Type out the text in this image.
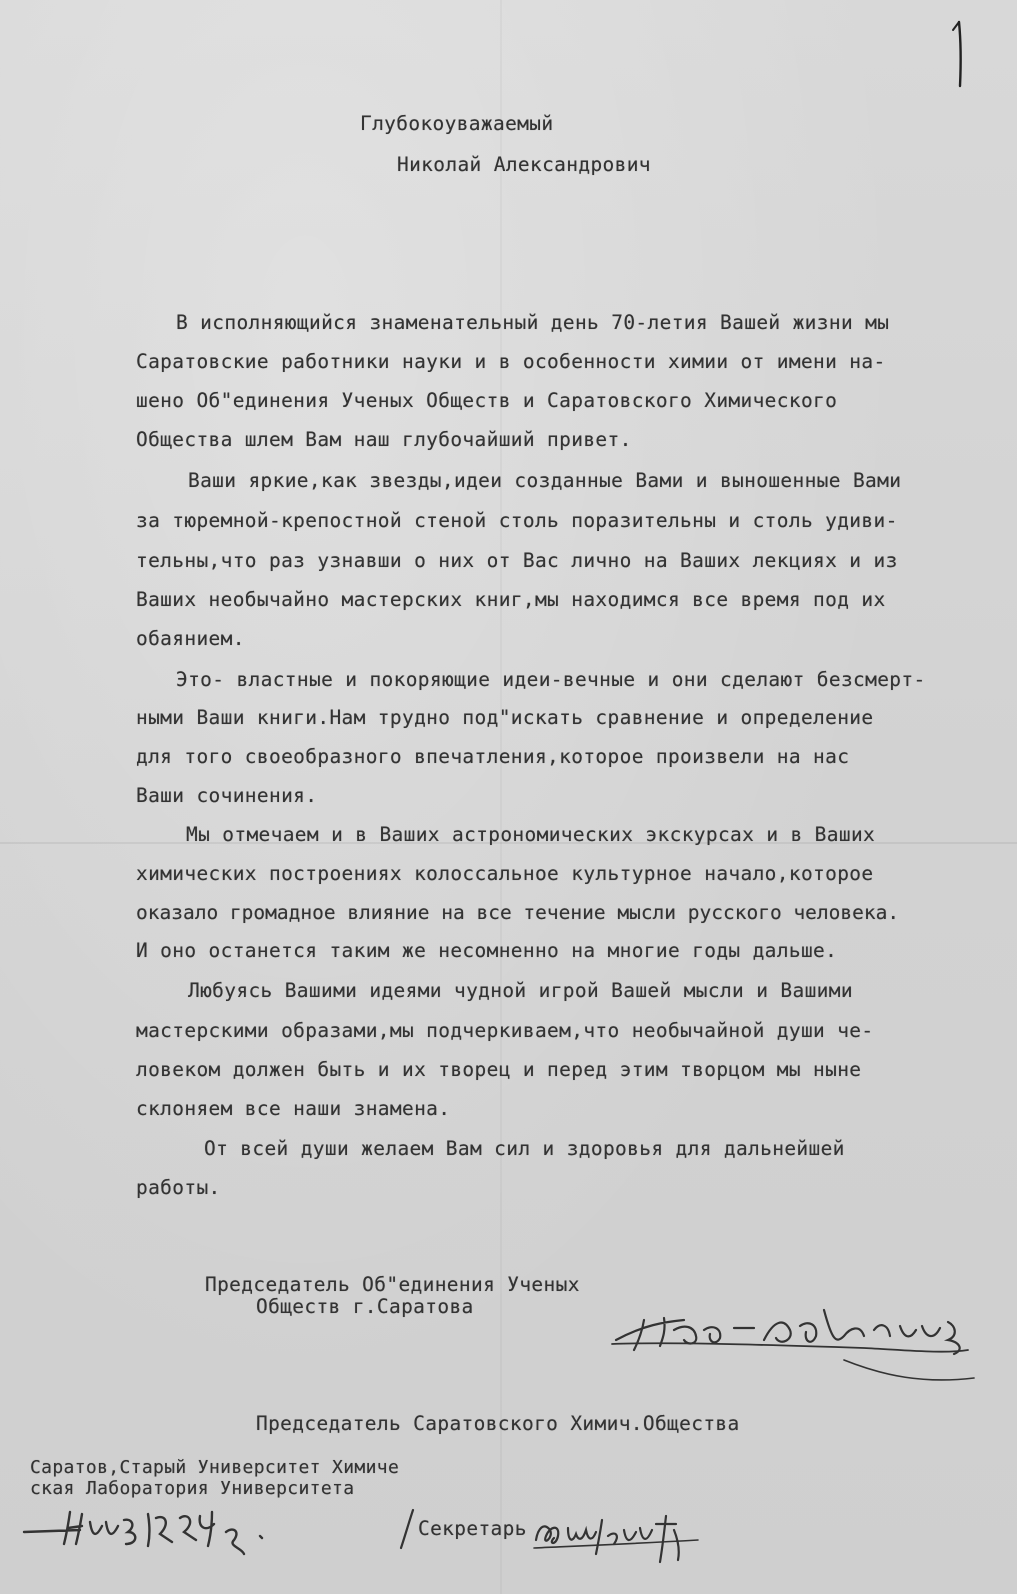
1
Глубокоуважаемый
Николай Александрович
В исполняющийся знаменательный день 70-летия Вашей жизни мы
Саратовские работники науки и в особенности химии от имени на-
шено Об"единения Ученых Обществ и Саратовского Химического
Общества шлем Вам наш глубочайший привет.
Ваши яркие,как звезды,идеи созданные Вами и выношенные Вами
за тюремной-крепостной стеной столь поразительны и столь удиви-
тельны,что раз узнавши о них от Вас лично на Ваших лекциях и из
Ваших необычайно мастерских книг,мы находимся все время под их
обаянием.
Это- властные и покоряющие идеи-вечные и они сделают безсмерт-
ными Ваши книги.Нам трудно под"искать сравнение и определение
для того своеобразного впечатления,которое произвели на нас
Ваши сочинения.
Мы отмечаем и в Ваших астрономических экскурсах и в Ваших
химических построениях колоссальное культурное начало,которое
оказало громадное влияние на все течение мысли русского человека.
И оно останется таким же несомненно на многие годы дальше.
Любуясь Вашими идеями чудной игрой Вашей мысли и Вашими
мастерскими образами,мы подчеркиваем,что необычайной души че-
ловеком должен быть и их творец и перед этим творцом мы ныне
склоняем все наши знамена.
От всей души желаем Вам сил и здоровья для дальнейшей
работы.
Председатель Об"единения Ученых
Обществ г.Саратова
Председатель Саратовского Химич.Общества
Саратов,Старый Университет Химиче
ская Лаборатория Университета
Секретарь
